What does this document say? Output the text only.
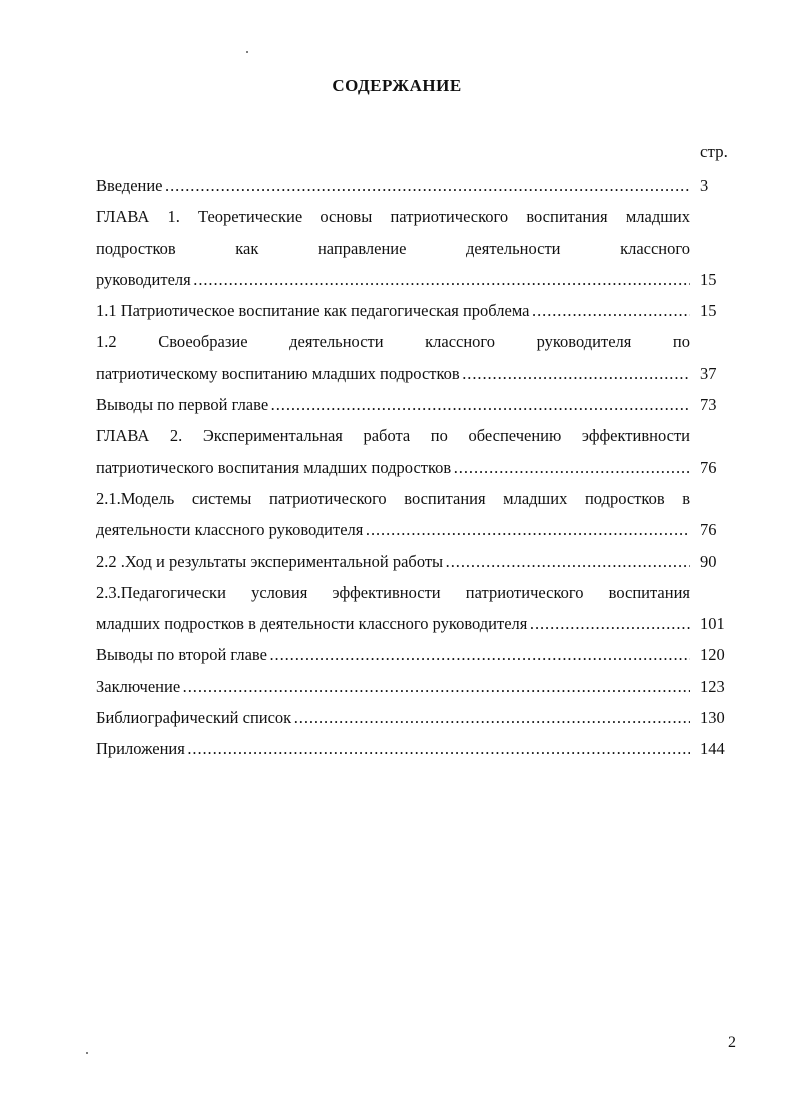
СОДЕРЖАНИЕ
стр.
Введение . . .	3
ГЛАВА 1. Теоретические основы патриотического воспитания младших
подростков как направление деятельности классного
руководителя . . .	15
1.1 Патриотическое воспитание как педагогическая проблема . . .	15
1.2 Своеобразие деятельности классного руководителя по
патриотическому воспитанию младших подростков . . .	37
Выводы по первой главе . . .	73
ГЛАВА 2. Экспериментальная работа по обеспечению эффективности
патриотического воспитания младших подростков . . .	76
2.1.Модель системы патриотического воспитания младших подростков в
деятельности классного руководителя . . .	76
2.2 .Ход и результаты экспериментальной работы . . .	90
2.3.Педагогически условия эффективности патриотического воспитания
младших подростков в деятельности классного руководителя . . .	101
Выводы по второй главе . . .	120
Заключение . . .	123
Библиографический список . . .	130
Приложения . . .	144
2
